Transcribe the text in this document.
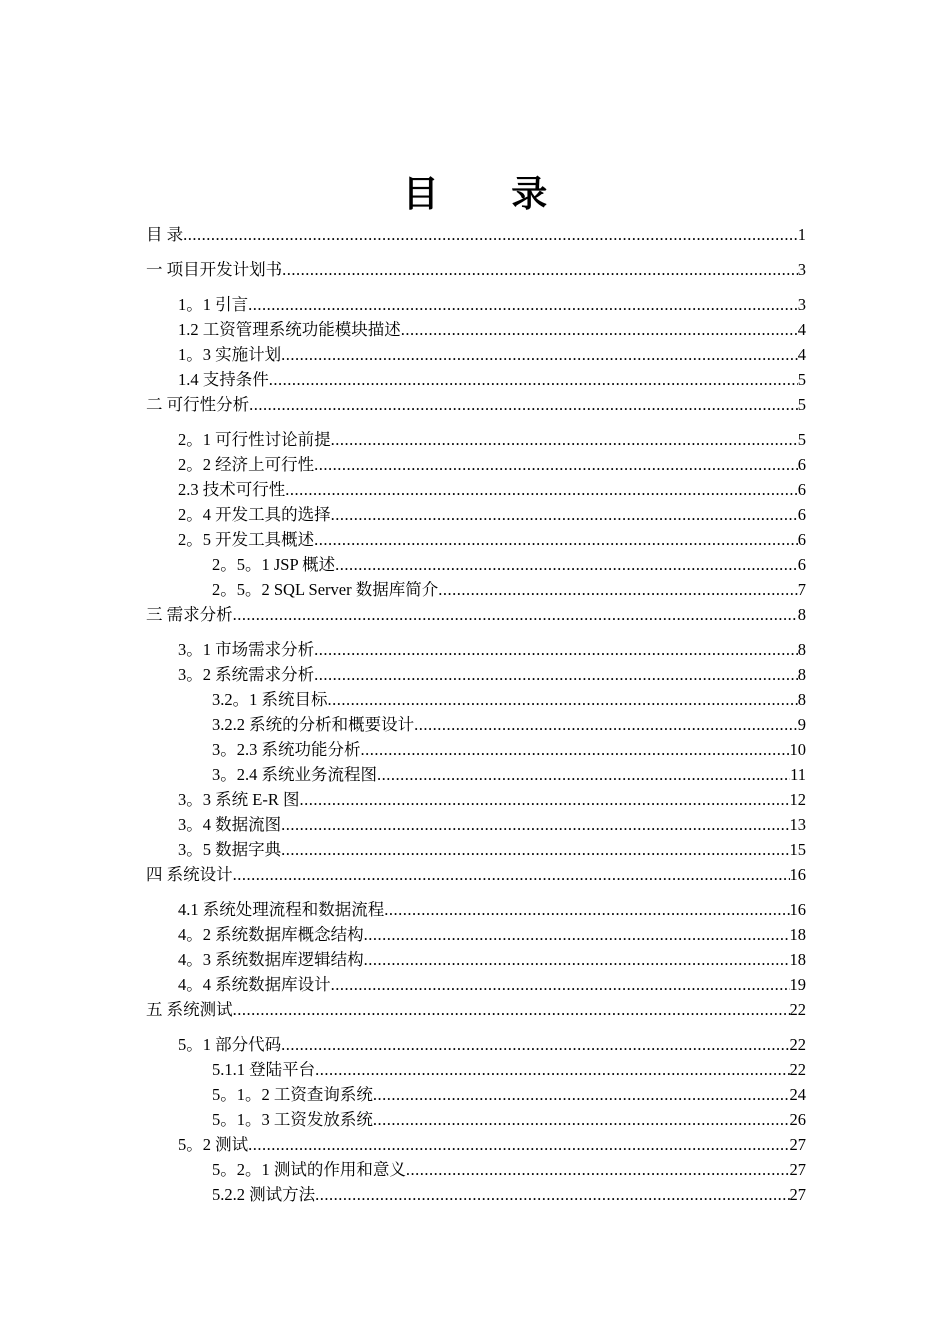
目 录
目 录 .....	1
一 项目开发计划书 .....	3
1。1 引言 .....	3
1.2 工资管理系统功能模块描述 .....	4
1。3 实施计划 .....	4
1.4 支持条件 .....	5
二 可行性分析 .....	5
2。1 可行性讨论前提 .....	5
2。2 经济上可行性 .....	6
2.3 技术可行性 .....	6
2。4 开发工具的选择 .....	6
2。5 开发工具概述 .....	6
2。5。1 JSP 概述 .....	6
2。5。2 SQL Server 数据库简介 .....	7
三 需求分析 .....	8
3。1 市场需求分析 .....	8
3。2 系统需求分析 .....	8
3.2。1 系统目标 .....	8
3.2.2 系统的分析和概要设计 .....	9
3。2.3 系统功能分析 .....	10
3。2.4 系统业务流程图 .....	11
3。3 系统 E-R 图 .....	12
3。4 数据流图 .....	13
3。5 数据字典 .....	15
四 系统设计 .....	16
4.1 系统处理流程和数据流程 .....	16
4。2 系统数据库概念结构 .....	18
4。3 系统数据库逻辑结构 .....	18
4。4 系统数据库设计 .....	19
五 系统测试 .....	22
5。1 部分代码 .....	22
5.1.1 登陆平台 .....	22
5。1。2 工资查询系统 .....	24
5。1。3 工资发放系统 .....	26
5。2 测试 .....	27
5。2。1 测试的作用和意义 .....	27
5.2.2 测试方法 .....	27
